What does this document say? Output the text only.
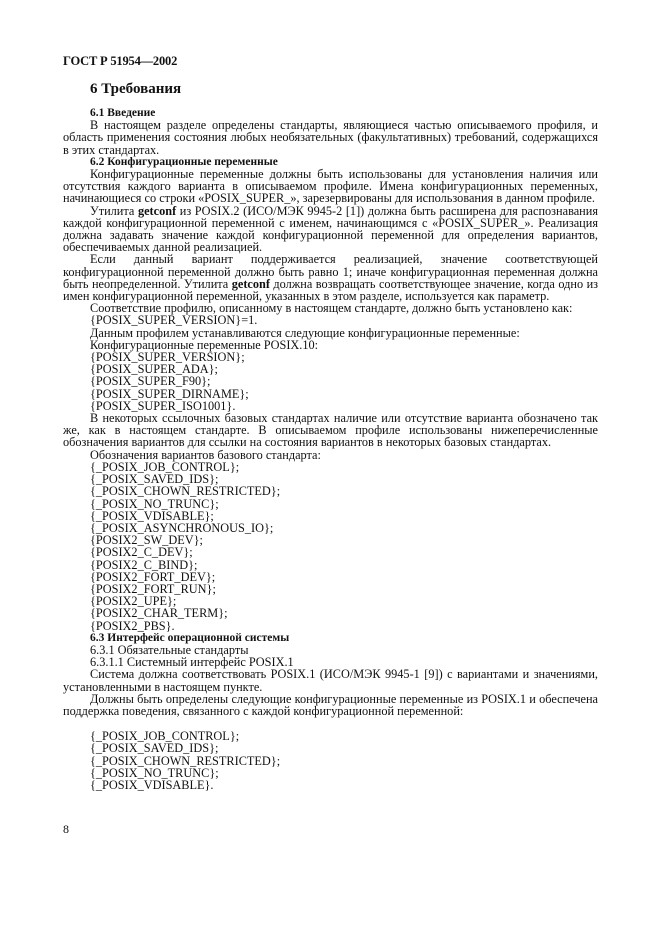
ГОСТ Р 51954—2002
6 Требования
6.1 Введение

В настоящем разделе определены стандарты, являющиеся частью описываемого профиля, и область применения состояния любых необязательных (факультативных) требований, содержащихся в этих стандартах.

6.2 Конфигурационные переменные

Конфигурационные переменные должны быть использованы для установления наличия или отсутствия каждого варианта в описываемом профиле. Имена конфигурационных переменных, начинающиеся со строки «POSIX_SUPER_», зарезервированы для использования в данном профиле.

Утилита getconf из POSIX.2 (ИСО/МЭК 9945-2 [1]) должна быть расширена для распознавания каждой конфигурационной переменной с именем, начинающимся с «POSIX_SUPER_». Реализация должна задавать значение каждой конфигурационной переменной для определения вариантов, обеспечиваемых данной реализацией.

Если данный вариант поддерживается реализацией, значение соответствующей конфигурационной переменной должно быть равно 1; иначе конфигурационная переменная должна быть неопределенной. Утилита getconf должна возвращать соответствующее значение, когда одно из имен конфигурационной переменной, указанных в этом разделе, используется как параметр.

Соответствие профилю, описанному в настоящем стандарте, должно быть установлено как:
{POSIX_SUPER_VERSION}=1.
Данным профилем устанавливаются следующие конфигурационные переменные:
Конфигурационные переменные POSIX.10:
{POSIX_SUPER_VERSION};
{POSIX_SUPER_ADA};
{POSIX_SUPER_F90};
{POSIX_SUPER_DIRNAME};
{POSIX_SUPER_ISO1001}.

В некоторых ссылочных базовых стандартах наличие или отсутствие варианта обозначено так же, как в настоящем стандарте. В описываемом профиле использованы нижеперечисленные обозначения вариантов для ссылки на состояния вариантов в некоторых базовых стандартах.

Обозначения вариантов базового стандарта:
{_POSIX_JOB_CONTROL};
{_POSIX_SAVED_IDS};
{_POSIX_CHOWN_RESTRICTED};
{_POSIX_NO_TRUNC};
{_POSIX_VDISABLE};
{_POSIX_ASYNCHRONOUS_IO};
{POSIX2_SW_DEV};
{POSIX2_C_DEV};
{POSIX2_C_BIND};
{POSIX2_FORT_DEV};
{POSIX2_FORT_RUN};
{POSIX2_UPE};
{POSIX2_CHAR_TERM};
{POSIX2_PBS}.
6.3 Интерфейс операционной системы
6.3.1 Обязательные стандарты
6.3.1.1 Системный интерфейс POSIX.1

Система должна соответствовать POSIX.1 (ИСО/МЭК 9945-1 [9]) с вариантами и значениями, установленными в настоящем пункте.

Должны быть определены следующие конфигурационные переменные из POSIX.1 и обеспечена поддержка поведения, связанного с каждой конфигурационной переменной:

{_POSIX_JOB_CONTROL};
{_POSIX_SAVED_IDS};
{_POSIX_CHOWN_RESTRICTED};
{_POSIX_NO_TRUNC};
{_POSIX_VDISABLE}.
8
